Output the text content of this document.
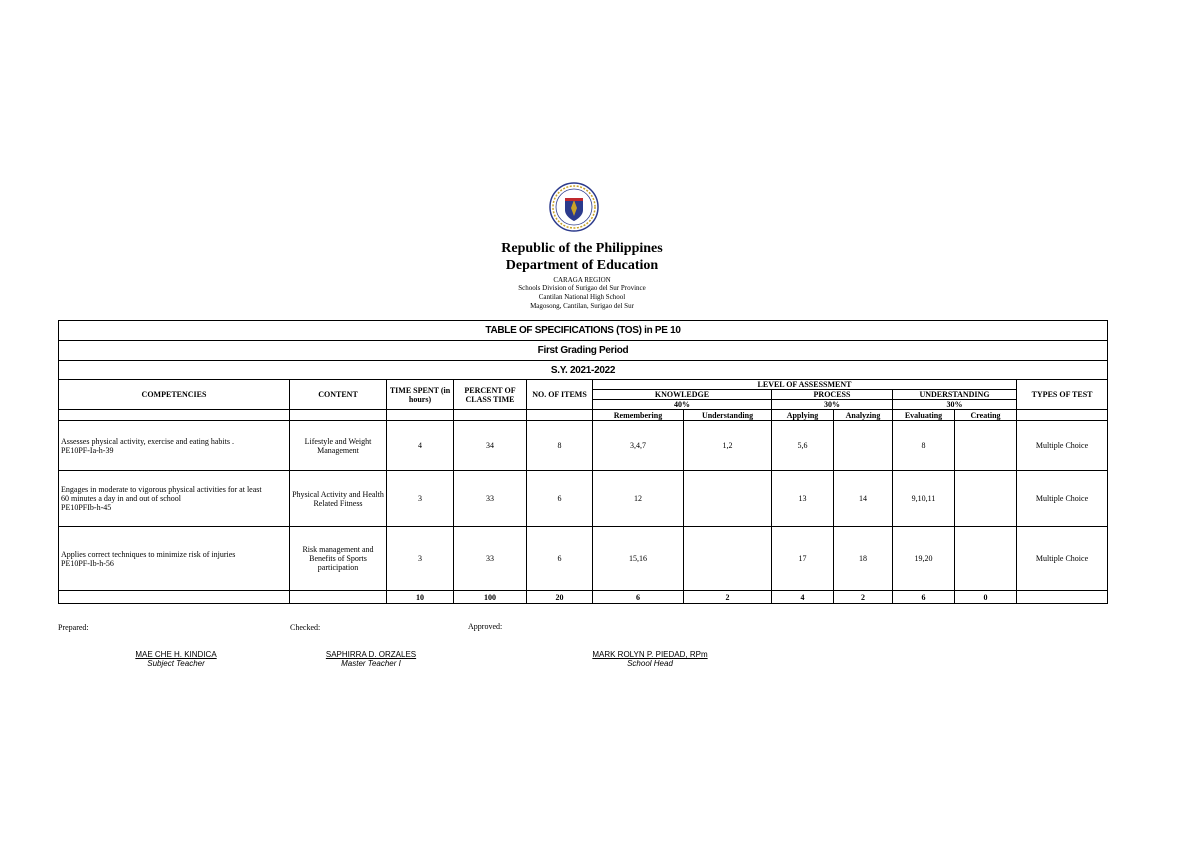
Republic of the Philippines
Department of Education
CARAGA REGION
Schools Division of Surigao del Sur Province
Cantilan National High School
Magosong, Cantilan, Surigao del Sur
TABLE OF SPECIFICATIONS (TOS) in PE 10											
First Grading Period											
S.Y. 2021-2022											
COMPETENCIES	CONTENT	TIME SPENT (in hours)	PERCENT OF CLASS TIME	NO. OF ITEMS	LEVEL OF ASSESSMENT						TYPES OF TEST
					KNOWLEDGE		PROCESS		UNDERSTANDING		
					40%		30%		30%		
					Remembering	Understanding	Applying	Analyzing	Evaluating	Creating	

Assesses physical activity, exercise and eating habits .
PE10PF-Ia-h-39	Lifestyle and Weight Management	4	34	8	3,4,7	1,2	5,6		8		Multiple Choice

Engages in moderate to vigorous physical activities for at least
60 minutes a day in and out of school
PE10PFIb-h-45	Physical Activity and Health Related Fitness	3	33	6	12		13	14	9,10,11		Multiple Choice

Applies correct techniques to minimize risk of injuries
PE10PF-Ib-h-56	Risk management and Benefits of Sports participation	3	33	6	15,16		17	18	19,20		Multiple Choice
		10	100	20	6	2	4	2	6	0	
Prepared:	Checked:	Approved:
MAE CHE H. KINDICA
Subject Teacher
SAPHIRRA D. ORZALES
Master Teacher I
MARK ROLYN P. PIEDAD, RPm
School Head
